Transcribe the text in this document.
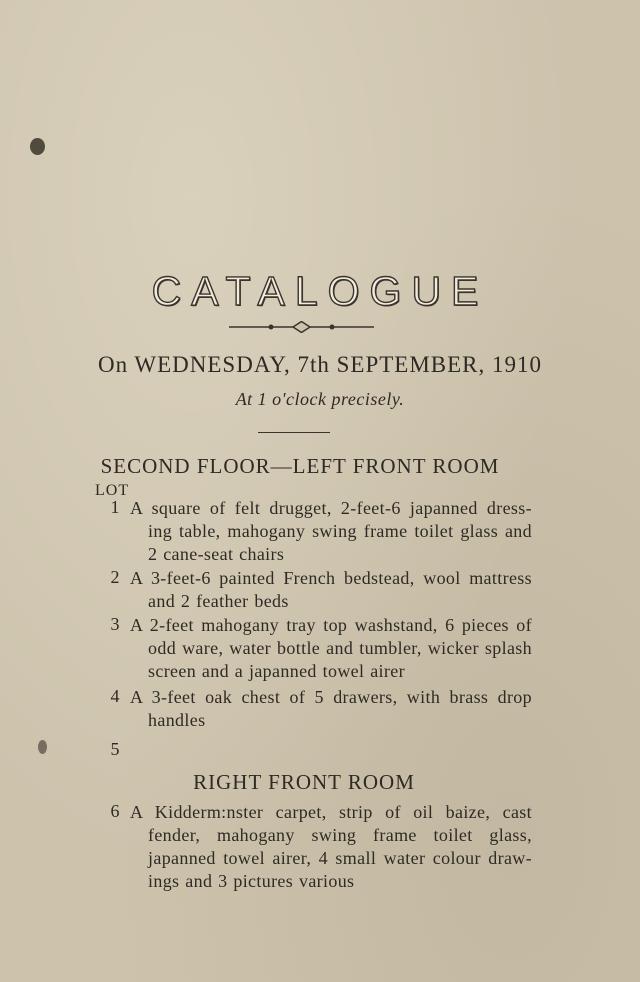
CATALOGUE
On WEDNESDAY, 7th SEPTEMBER, 1910
At 1 o'clock precisely.
SECOND FLOOR—LEFT FRONT ROOM
LOT
1 A square of felt drugget, 2-feet-6 japanned dress-ing table, mahogany swing frame toilet glass and 2 cane-seat chairs
2 A 3-feet-6 painted French bedstead, wool mattress and 2 feather beds
3 A 2-feet mahogany tray top washstand, 6 pieces of odd ware, water bottle and tumbler, wicker splash screen and a japanned towel airer
4 A 3-feet oak chest of 5 drawers, with brass drop handles
5
RIGHT FRONT ROOM
6 A Kidderm:nster carpet, strip of oil baize, cast fender, mahogany swing frame toilet glass, japanned towel airer, 4 small water colour draw-ings and 3 pictures various
